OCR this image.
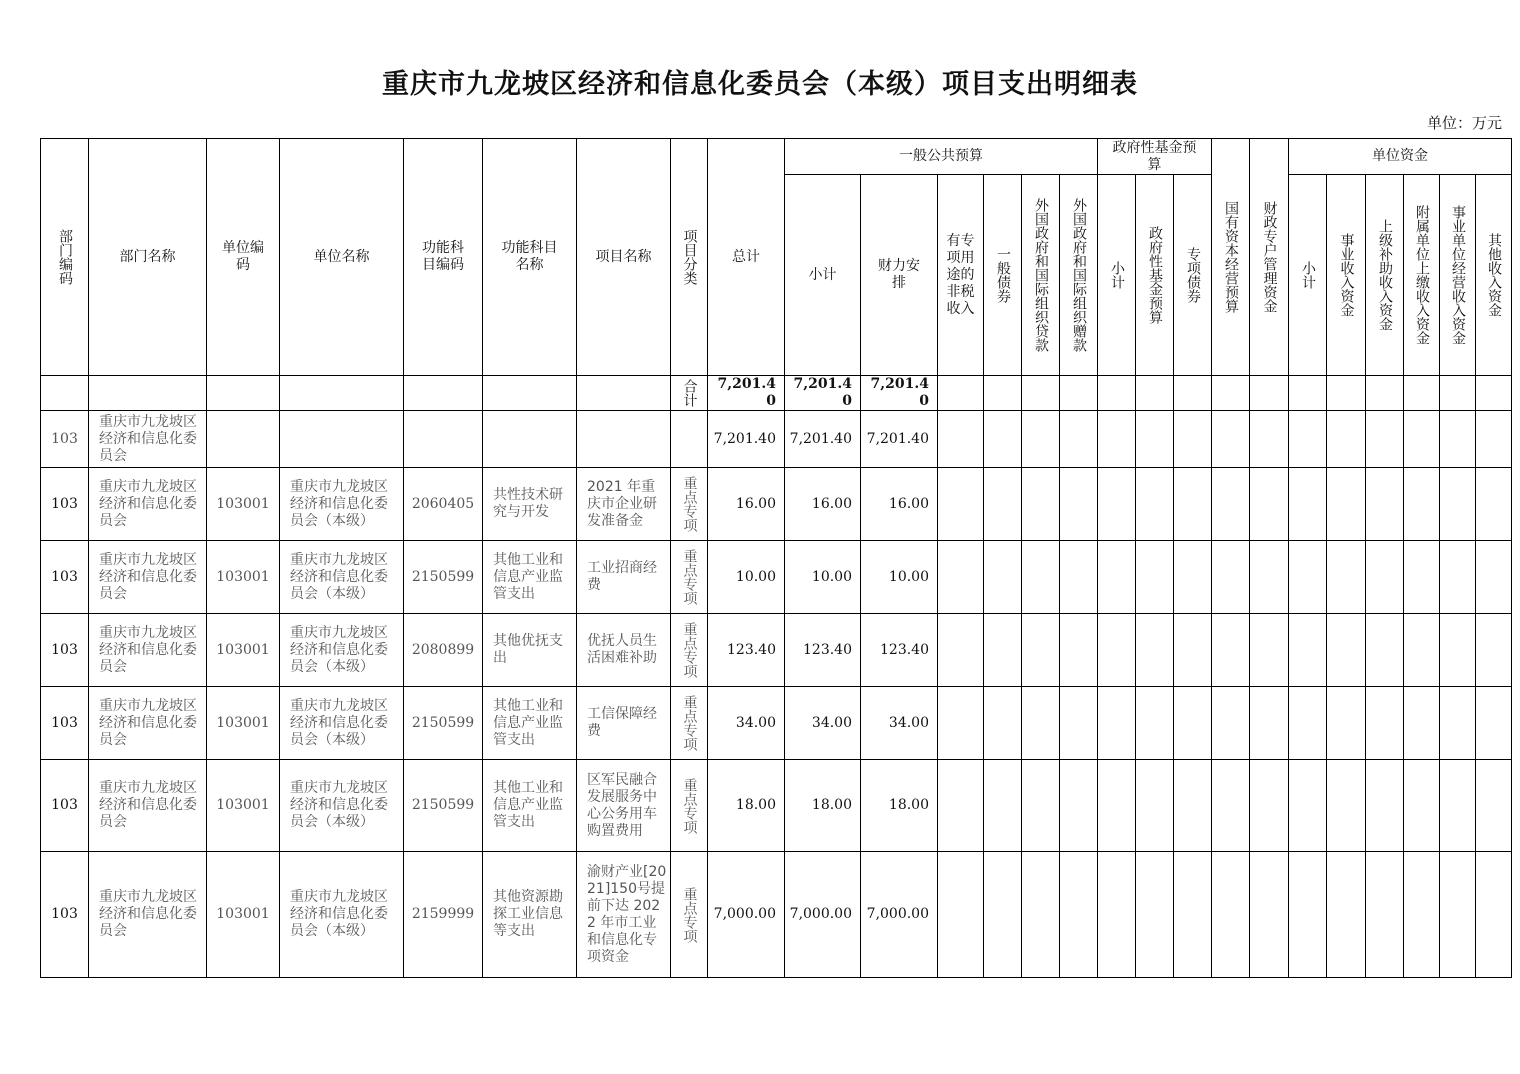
重庆市九龙坡区经济和信息化委员会（本级）项目支出明细表
单位：万元
部门编码	部门名称	单位编码	单位名称	功能科目编码	功能科目名称	项目名称	项目分类	总计	一般公共预算						政府性基金预算			国有资本经营预算	财政专户管理资金	单位资金					
									小计	财力安排	有专项用途的非税收入	一般债券	外国政府和国际组织贷款	外国政府和国际组织赠款	小计	政府性基金预算	专项债券			小计	事业收入资金	上级补助收入资金	附属单位上缴收入资金	事业单位经营收入资金	其他收入资金
							合计	7,201.40	7,201.40	7,201.40															
103	重庆市九龙坡区经济和信息化委员会							7,201.40	7,201.40	7,201.40															
103	重庆市九龙坡区经济和信息化委员会	103001	重庆市九龙坡区经济和信息化委员会（本级）	2060405	共性技术研究与开发	2021 年重庆市企业研发准备金	重点专项	16.00	16.00	16.00															
103	重庆市九龙坡区经济和信息化委员会	103001	重庆市九龙坡区经济和信息化委员会（本级）	2150599	其他工业和信息产业监管支出	工业招商经费	重点专项	10.00	10.00	10.00															
103	重庆市九龙坡区经济和信息化委员会	103001	重庆市九龙坡区经济和信息化委员会（本级）	2080899	其他优抚支出	优抚人员生活困难补助	重点专项	123.40	123.40	123.40															
103	重庆市九龙坡区经济和信息化委员会	103001	重庆市九龙坡区经济和信息化委员会（本级）	2150599	其他工业和信息产业监管支出	工信保障经费	重点专项	34.00	34.00	34.00															
103	重庆市九龙坡区经济和信息化委员会	103001	重庆市九龙坡区经济和信息化委员会（本级）	2150599	其他工业和信息产业监管支出	区军民融合发展服务中心公务用车购置费用	重点专项	18.00	18.00	18.00															
103	重庆市九龙坡区经济和信息化委员会	103001	重庆市九龙坡区经济和信息化委员会（本级）	2159999	其他资源勘探工业信息等支出	渝财产业[2021]150号提前下达 2022 年市工业和信息化专项资金	重点专项	7,000.00	7,000.00	7,000.00															
